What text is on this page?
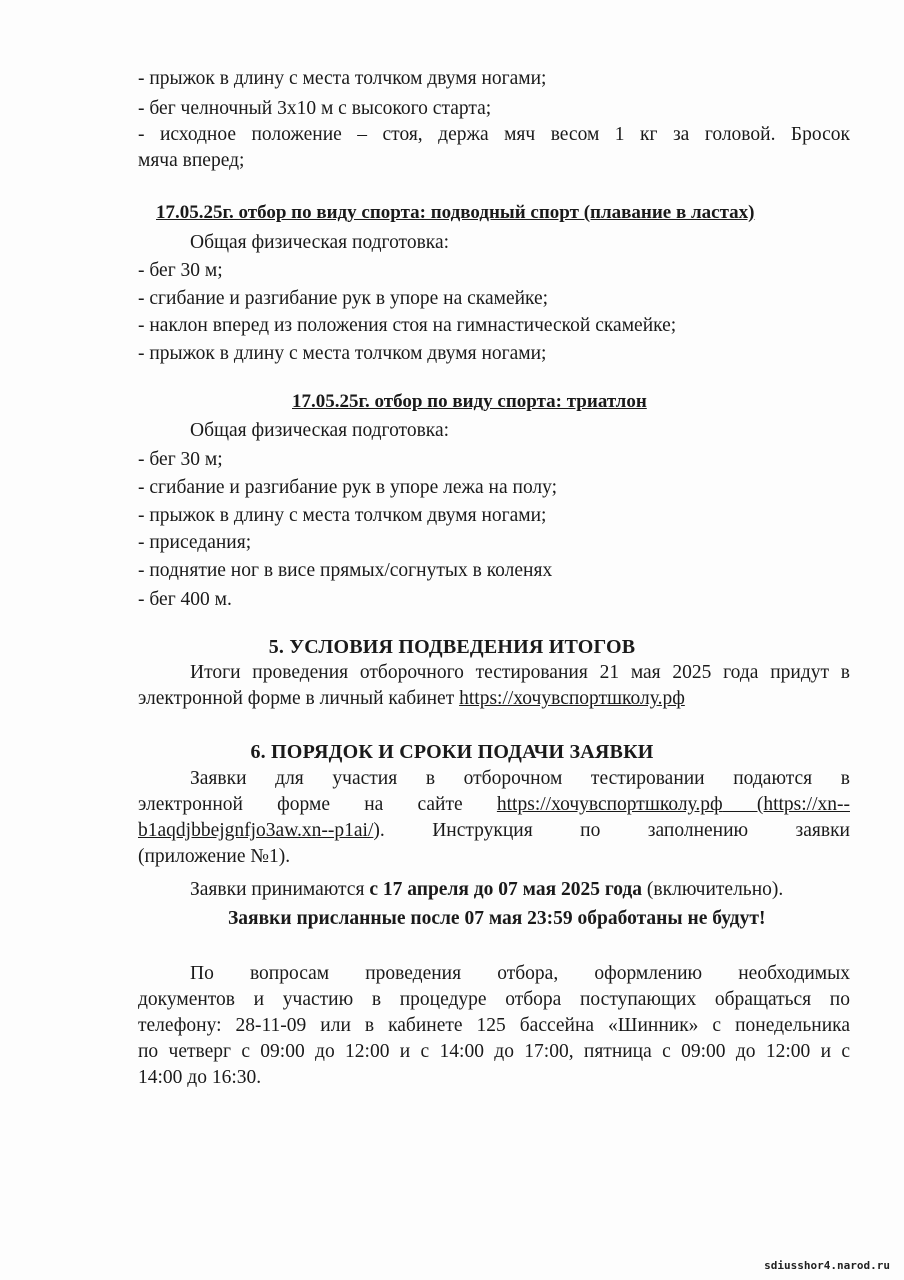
- прыжок в длину с места толчком двумя ногами;
- бег челночный 3х10 м с высокого старта;
- исходное положение – стоя, держа мяч весом 1 кг за головой. Бросок
мяча вперед;
17.05.25г. отбор по виду спорта: подводный спорт (плавание в ластах)
Общая физическая подготовка:
- бег 30 м;
- сгибание и разгибание рук в упоре на скамейке;
- наклон вперед из положения стоя на гимнастической скамейке;
- прыжок в длину с места толчком двумя ногами;
17.05.25г. отбор по виду спорта: триатлон
Общая физическая подготовка:
- бег 30 м;
- сгибание и разгибание рук в упоре лежа на полу;
- прыжок в длину с места толчком двумя ногами;
- приседания;
- поднятие ног в висе прямых/согнутых в коленях
- бег 400 м.
5. УСЛОВИЯ ПОДВЕДЕНИЯ ИТОГОВ
Итоги проведения отборочного тестирования 21 мая 2025 года придут в
электронной форме в личный кабинет https://хочувспортшколу.рф
6. ПОРЯДОК И СРОКИ ПОДАЧИ ЗАЯВКИ
Заявки для участия в отборочном тестировании подаются в
электронной форме на сайте https://хочувспортшколу.рф (https://xn--
b1aqdjbbejgnfjo3aw.xn--p1ai/). Инструкция по заполнению заявки
(приложение №1).
Заявки принимаются с 17 апреля до 07 мая 2025 года (включительно).
Заявки присланные после 07 мая 23:59 обработаны не будут!
По вопросам проведения отбора, оформлению необходимых
документов и участию в процедуре отбора поступающих обращаться по
телефону: 28-11-09 или в кабинете 125 бассейна «Шинник» с понедельника
по четверг с 09:00 до 12:00 и с 14:00 до 17:00, пятница с 09:00 до 12:00 и с
14:00 до 16:30.
sdiusshor4.narod.ru
